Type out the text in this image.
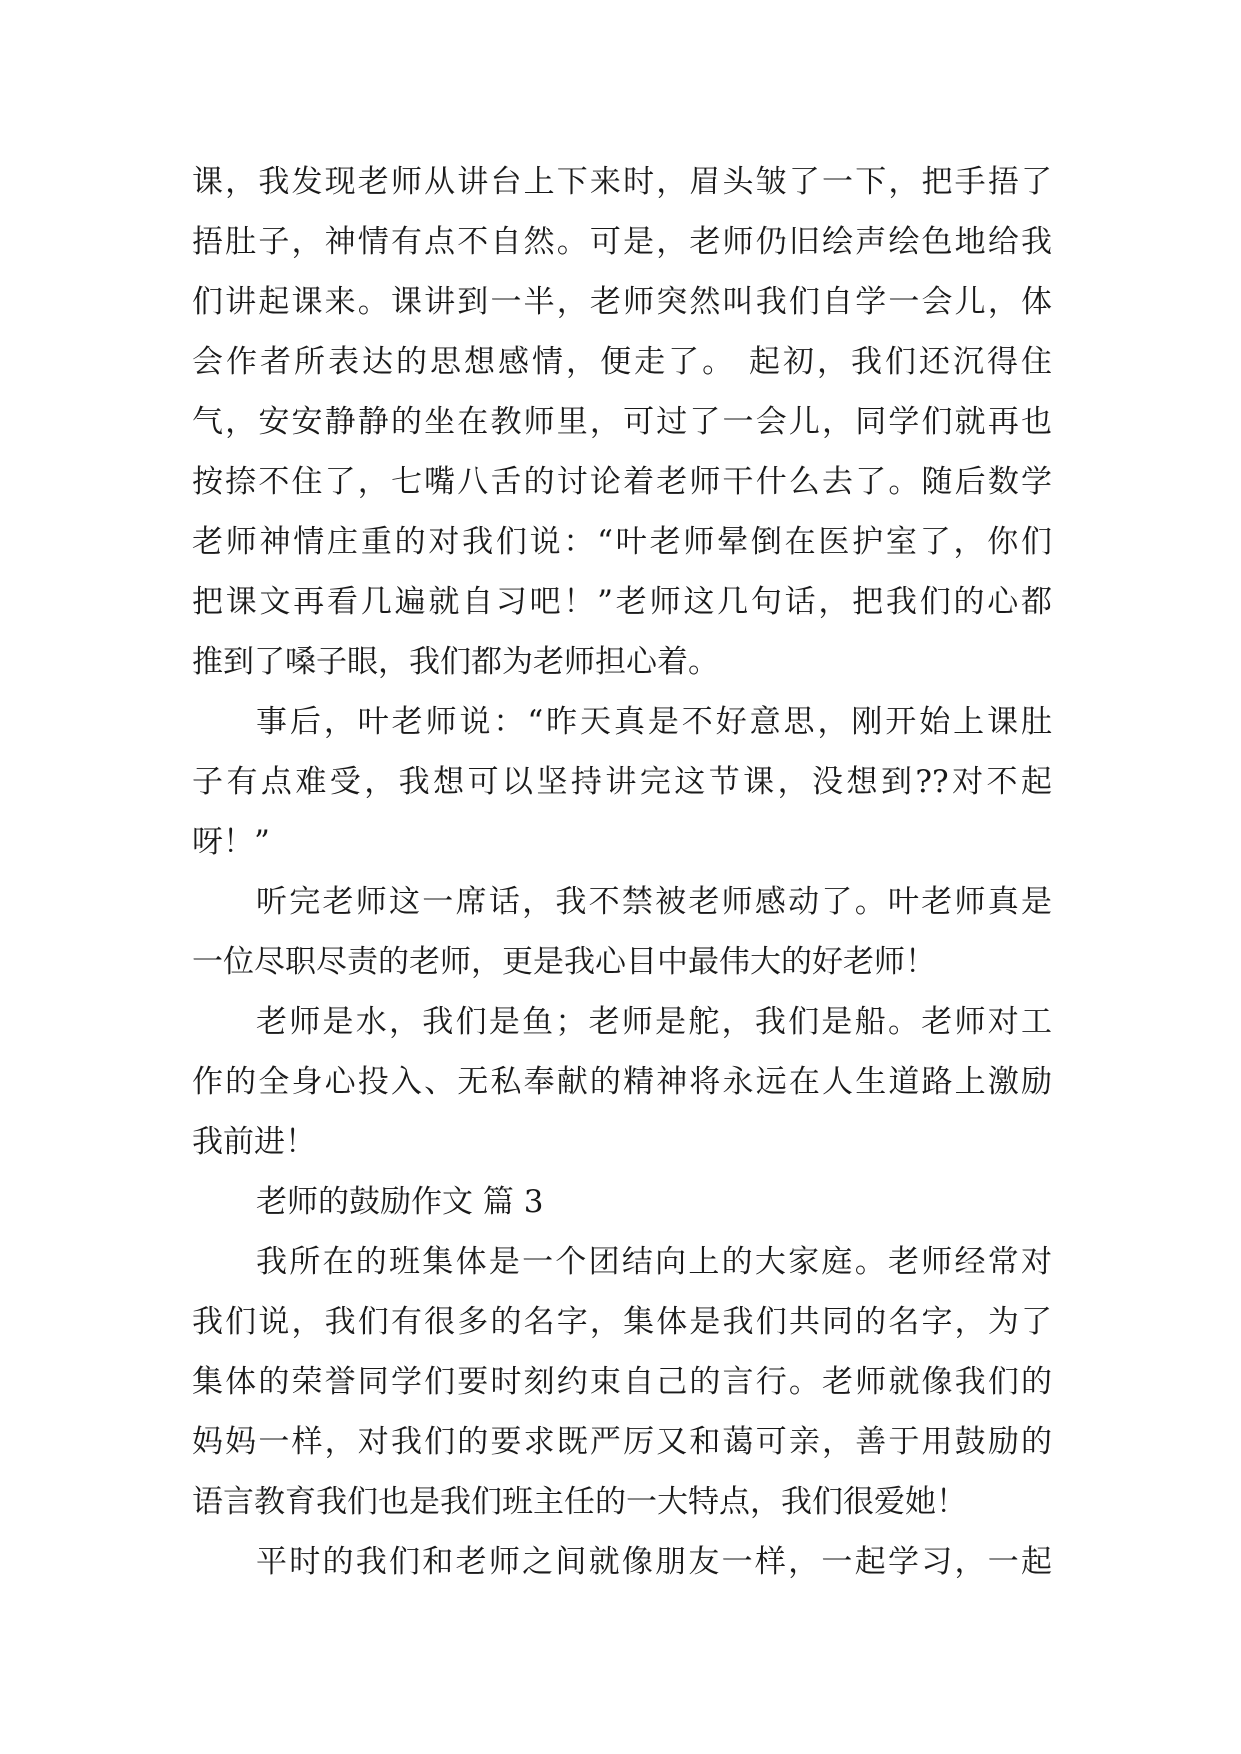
课，我发现老师从讲台上下来时，眉头皱了一下，把手捂了
捂肚子，神情有点不自然。可是，老师仍旧绘声绘色地给我
们讲起课来。课讲到一半，老师突然叫我们自学一会儿，体
会作者所表达的思想感情，便走了。 起初，我们还沉得住
气，安安静静的坐在教师里，可过了一会儿，同学们就再也
按捺不住了，七嘴八舌的讨论着老师干什么去了。随后数学
老师神情庄重的对我们说：“叶老师晕倒在医护室了，你们
把课文再看几遍就自习吧！”老师这几句话，把我们的心都
推到了嗓子眼，我们都为老师担心着。
事后，叶老师说：“昨天真是不好意思，刚开始上课肚
子有点难受，我想可以坚持讲完这节课，没想到??对不起
呀！”
听完老师这一席话，我不禁被老师感动了。叶老师真是
一位尽职尽责的老师，更是我心目中最伟大的好老师！
老师是水，我们是鱼；老师是舵，我们是船。老师对工
作的全身心投入、无私奉献的精神将永远在人生道路上激励
我前进！
老师的鼓励作文 篇 3
我所在的班集体是一个团结向上的大家庭。老师经常对
我们说，我们有很多的名字，集体是我们共同的名字，为了
集体的荣誉同学们要时刻约束自己的言行。老师就像我们的
妈妈一样，对我们的要求既严厉又和蔼可亲，善于用鼓励的
语言教育我们也是我们班主任的一大特点，我们很爱她！
平时的我们和老师之间就像朋友一样，一起学习，一起
